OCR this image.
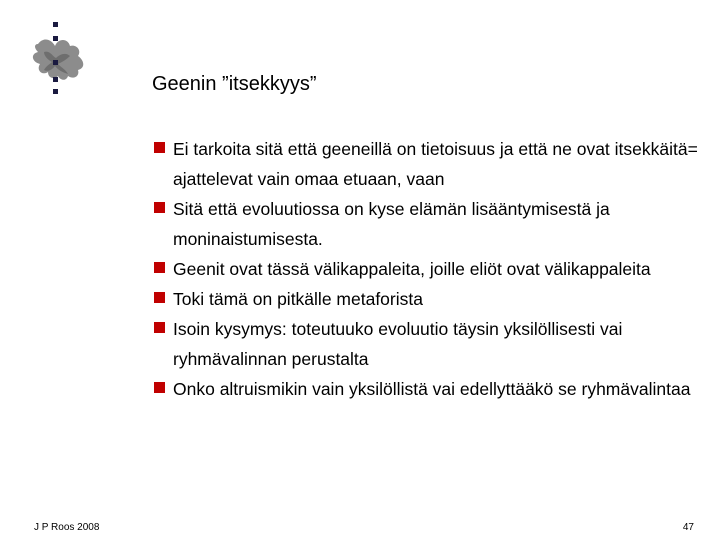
Geenin ”itsekkyys”
Ei tarkoita sitä että geeneillä on tietoisuus ja että ne ovat itsekkäitä= ajattelevat vain omaa etuaan, vaan
Sitä että evoluutiossa on kyse elämän lisääntymisestä ja moninaistumisesta.
Geenit ovat tässä välikappaleita, joille eliöt ovat välikappaleita
Toki tämä on pitkälle metaforista
Isoin kysymys: toteutuuko evoluutio täysin yksilöllisesti vai ryhmävalinnan perustalta
Onko altruismikin vain yksilöllistä vai edellyttääkö se ryhmävalintaa
J P Roos 2008	47
